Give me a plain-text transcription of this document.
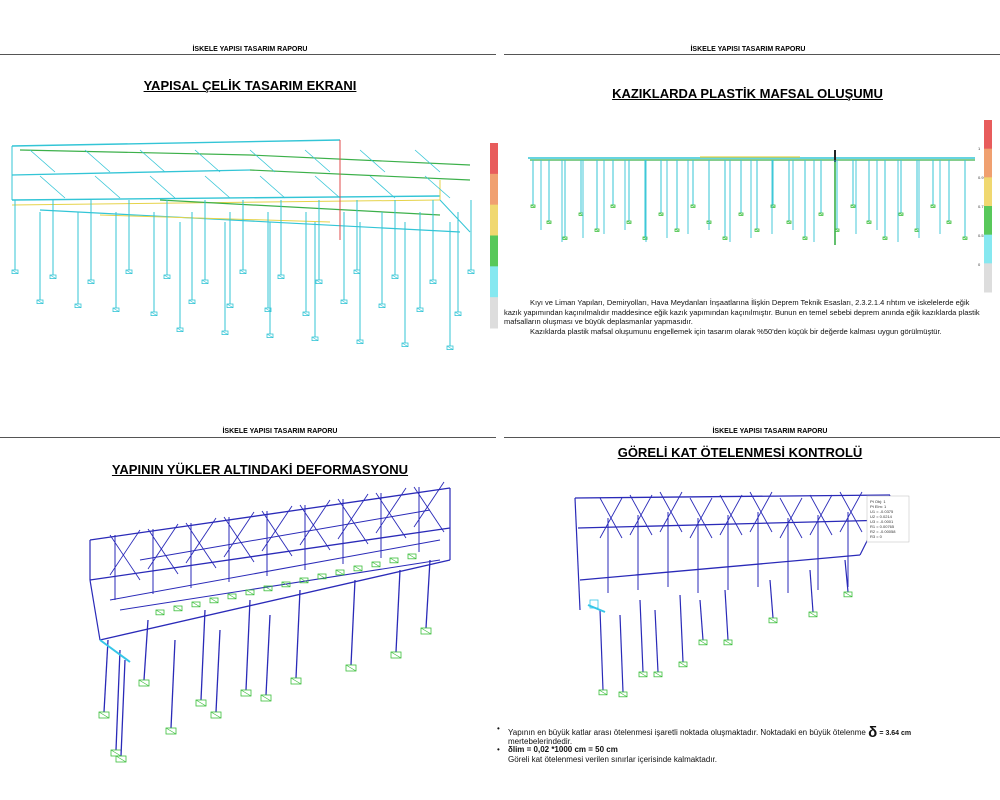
İSKELE YAPISI TASARIM RAPORU	İSKELE YAPISI TASARIM RAPORU
İSKELE YAPISI TASARIM RAPORU	İSKELE YAPISI TASARIM RAPORU
YAPISAL ÇELİK TASARIM EKRANI
KAZIKLARDA PLASTİK MAFSAL OLUŞUMU
YAPININ YÜKLER ALTINDAKİ DEFORMASYONU
GÖRELİ KAT ÖTELENMESİ KONTROLÜ
Pt Obj: 1
Pt Elm: 1
U1 = -0.0375
U2 = 0.0214
U3 = -0.0001
R1 = 0.00765
R2 = -0.00058
R3 = 0
1
0.9
0.7
0.5
0
Kıyı ve Liman Yapıları, Demiryolları, Hava Meydanları İnşaatlarına İlişkin Deprem Teknik Esasları, 2.3.2.1.4 rıhtım ve iskelelerde eğik kazık yapımından kaçınılmalıdır maddesince eğik kazık yapımından kaçınılmıştır. Bunun en temel sebebi deprem anında eğik kazıklarda plastik mafsalların oluşması ve büyük deplasmanlar yapmasıdır.
Kazıklarda plastik mafsal oluşumunu engellemek için tasarım olarak %50'den küçük bir değerde kalması uygun görülmüştür.
• Yapının en büyük katlar arası ötelenmesi işaretli noktada oluşmaktadır. Noktadaki en büyük ötelenme δ = 3.64 cm
mertebelerindedir.
• δlim = 0,02 *1000 cm = 50 cm
Göreli kat ötelenmesi verilen sınırlar içerisinde kalmaktadır.
